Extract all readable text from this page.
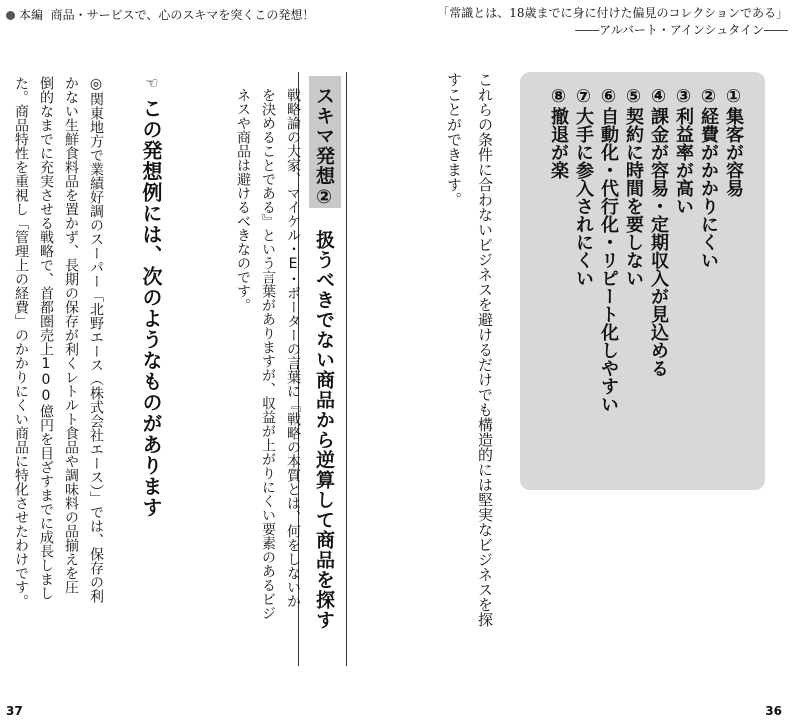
本編 商品・サービスで、心のスキマを突くこの発想！	「常識とは、18歳までに身に付けた偏見のコレクションである」
――アルバート・アインシュタイン――
①集客が容易
②経費がかかりにくい
③利益率が高い
④課金が容易・定期収入が見込める
⑤契約に時間を要しない
⑥自動化・代行化・リピート化しやすい
⑦大手に参入されにくい
⑧撤退が楽
これらの条件に合わないビジネスを避けるだけでも構造的には堅実なビジネスを探
すことができます。
36
スキマ発想②
扱うべきでない商品から逆算して商品を探す
戦略論の大家、マイケル・E・ポーターの言葉に『戦略の本質とは、何をしないか
を決めることである』という言葉がありますが、収益が上がりにくい要素のあるビジ
ネスや商品は避けるべきなのです。
☜
この発想例には、次のようなものがあります
◎関東地方で業績好調のスーパー「北野エース（株式会社エース）」では、保存の利
かない生鮮食料品を置かず、長期の保存が利くレトルト食品や調味料の品揃えを圧
倒的なまでに充実させる戦略で、首都圏売上100億円を目ざすまでに成長しまし
た。商品特性を重視し「管理上の経費」のかかりにくい商品に特化させたわけです。
37
